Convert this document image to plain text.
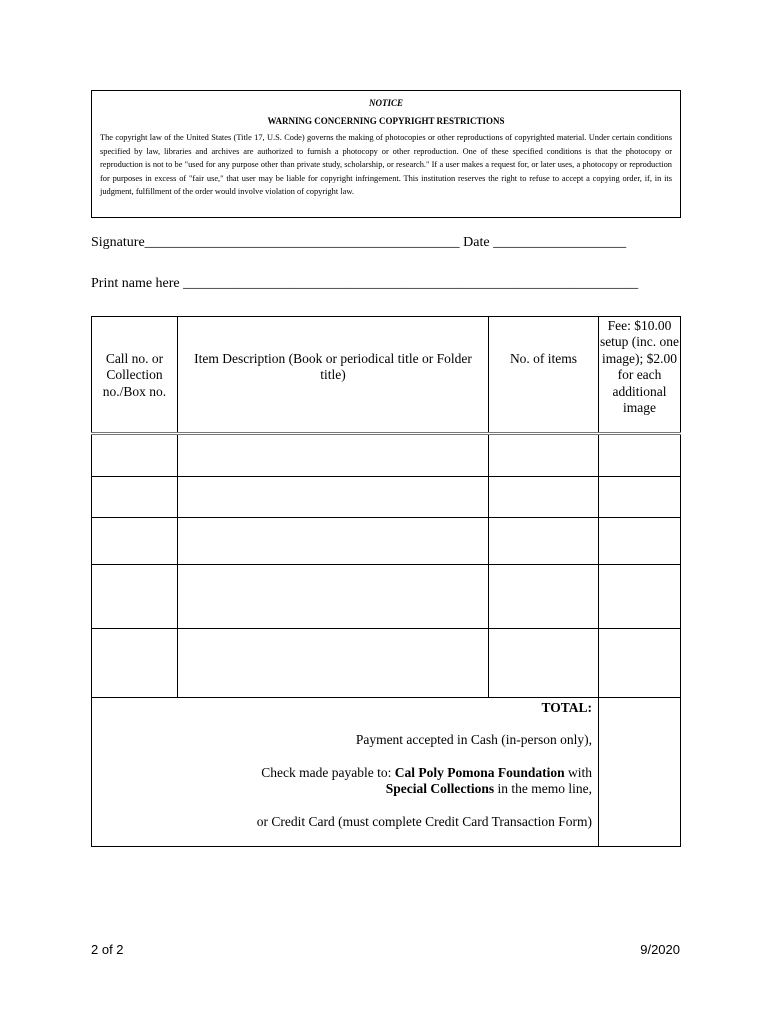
NOTICE
WARNING CONCERNING COPYRIGHT RESTRICTIONS
The copyright law of the United States (Title 17, U.S. Code) governs the making of photocopies or other reproductions of copyrighted material. Under certain conditions specified by law, libraries and archives are authorized to furnish a photocopy or other reproduction. One of these specified conditions is that the photocopy or reproduction is not to be "used for any purpose other than private study, scholarship, or research." If a user makes a request for, or later uses, a photocopy or reproduction for purposes in excess of "fair use," that user may be liable for copyright infringement. This institution reserves the right to refuse to accept a copying order, if, in its judgment, fulfillment of the order would involve violation of copyright law.
Signature_____________________________________________ Date ___________________
Print name here _________________________________________________________________
Call no. or Collection no./Box no.	Item Description (Book or periodical title or Folder title)	No. of items	Fee: $10.00 setup (inc. one image); $2.00 for each additional image

TOTAL:

Payment accepted in Cash (in-person only),

Check made payable to: Cal Poly Pomona Foundation with
Special Collections in the memo line,

or Credit Card (must complete Credit Card Transaction Form)			

2 of 2	9/2020
